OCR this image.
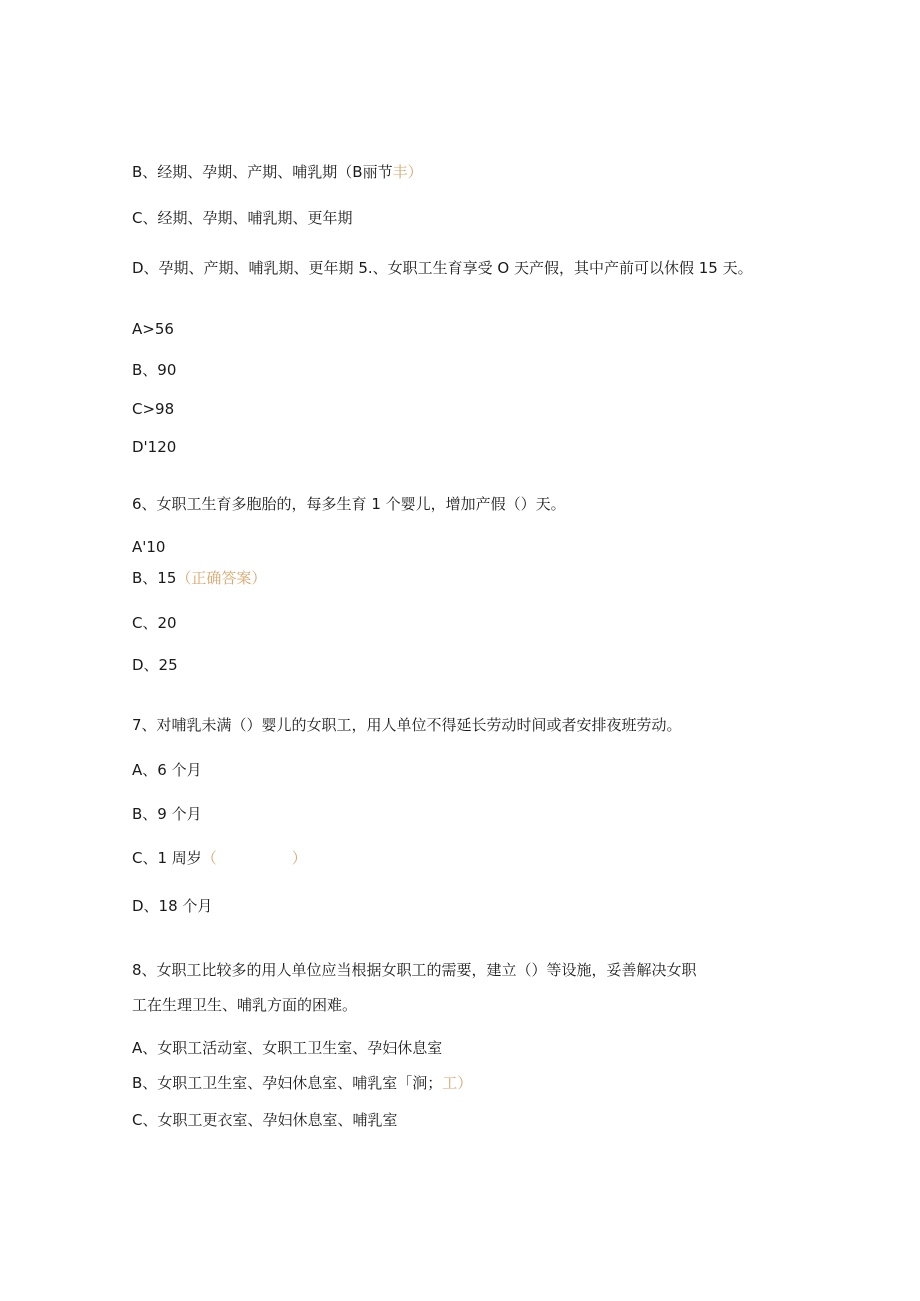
B、经期、孕期、产期、哺乳期（B丽节丰）
C、经期、孕期、哺乳期、更年期
D、孕期、产期、哺乳期、更年期 5.、女职工生育享受 O 天产假，其中产前可以休假 15 天。
A>56
B、90
C>98
D'120
6、女职工生育多胞胎的，每多生育 1 个婴儿，增加产假（）天。
A'10
B、15（正确答案）
C、20
D、25
7、对哺乳未满（）婴儿的女职工，用人单位不得延长劳动时间或者安排夜班劳动。
A、6 个月
B、9 个月
C、1 周岁（　　　　　）
D、18 个月
8、女职工比较多的用人单位应当根据女职工的需要，建立（）等设施，妥善解决女职
工在生理卫生、哺乳方面的困难。
A、女职工活动室、女职工卫生室、孕妇休息室
B、女职工卫生室、孕妇休息室、哺乳室「涧；工）
C、女职工更衣室、孕妇休息室、哺乳室
